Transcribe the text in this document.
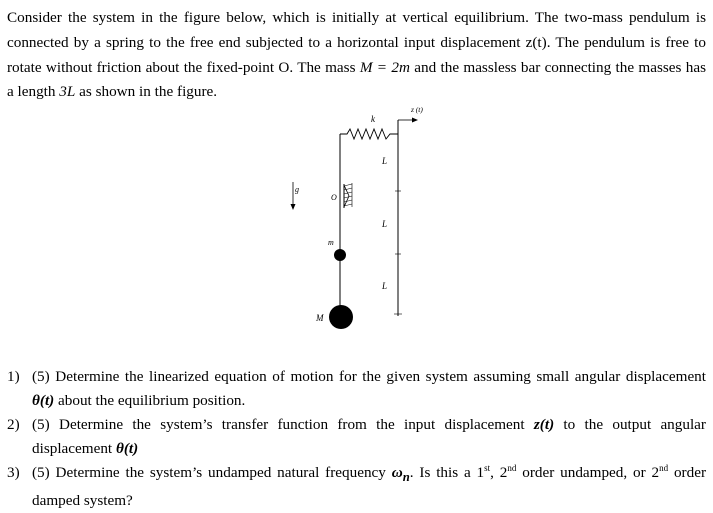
Consider the system in the figure below, which is initially at vertical equilibrium. The two-mass pendulum is connected by a spring to the free end subjected to a horizontal input displacement z(t). The pendulum is free to rotate without friction about the fixed-point O. The mass M = 2m and the massless bar connecting the masses has a length 3L as shown in the figure.

g
O
k
z (t)
L
L
L
m
M
1) (5) Determine the linearized equation of motion for the given system assuming small angular displacement θ(t) about the equilibrium position.
2) (5) Determine the system’s transfer function from the input displacement z(t) to the output angular displacement θ(t)
3) (5) Determine the system’s undamped natural frequency $\omega_n$. Is this a 1st, 2nd order undamped, or 2nd order damped system?
